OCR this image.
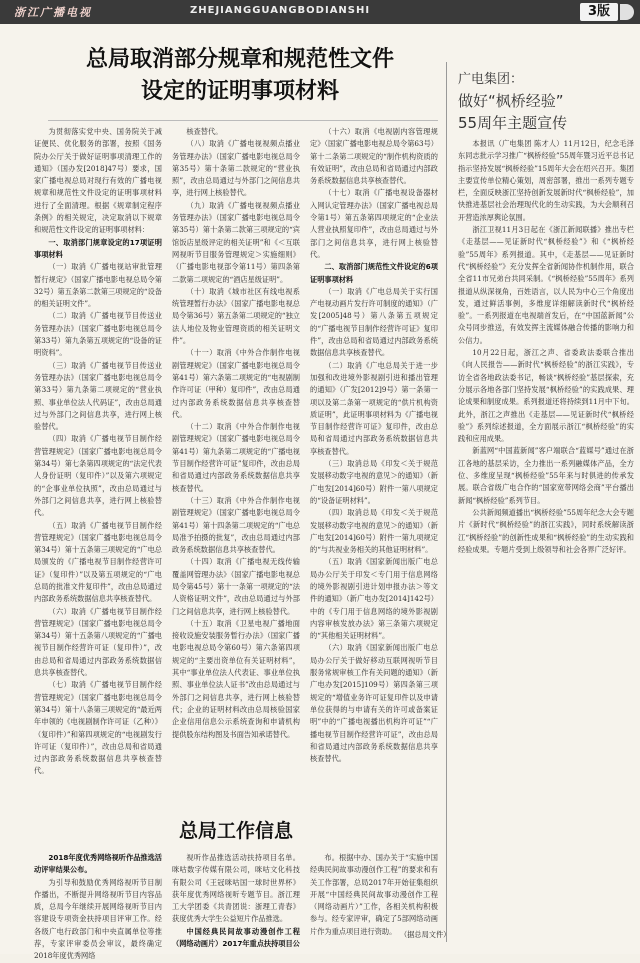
浙江广播电视	ZHEJIANGGUANGBODIANSHI	3版
总局取消部分规章和规范性文件
设定的证明事项材料

为贯彻落实党中央、国务院关于减证便民、优化服务的部署，按照《国务院办公厅关于做好证明事项清理工作的通知》（国办发[2018]47号）要求，国家广播电视总局对现行有效的广播电视规章和规范性文件设定的证明事项材料进行了全面清理。根据《规章制定程序条例》的相关规定，决定取消以下规章和规范性文件设定的证明事项材料：

一、取消部门规章设定的17项证明事项材料

（一）取消《广播电视站审批管理暂行规定》（国家广播电影电视总局令第32号）第五条第二款第三项规定的“设备的相关证明文件”。

（二）取消《广播电视节目传送业务管理办法》（国家广播电影电视总局令第33号）第九条第五项规定的“设备的证明资料”。

（三）取消《广播电视节目传送业务管理办法》（国家广播电影电视总局令第33号）第九条第二项规定的“营业执照、事业单位法人代码证”，改由总局通过与外部门之间信息共享，进行网上核验替代。

（四）取消《广播电视节目制作经营管理规定》（国家广播电影电视总局令第34号）第七条第四项规定的“法定代表人身份证明（复印件）”以及第六项规定的“企事业单位执照”，改由总局通过与外部门之间信息共享，进行网上核验替代。

（五）取消《广播电视节目制作经营管理规定》（国家广播电影电视总局令第34号）第十五条第三项规定的“广电总局颁发的《广播电视节目制作经营许可证》（复印件）”以及第五项规定的“广电总局的批准文件复印件”，改由总局通过内部政务系统数据信息共享核查替代。

（六）取消《广播电视节目制作经营管理规定》（国家广播电影电视总局令第34号）第十五条第八项规定的“广播电视节目制作经营许可证（复印件）”，改由总局和省局通过内部政务系统数据信息共享核查替代。

（七）取消《广播电视节目制作经营管理规定》（国家广播电影电视总局令第34号）第十八条第三项规定的“最近两年申领的《电视剧制作许可证（乙种）》（复印件）”和第四项规定的“电视剧发行许可证（复印件）”，改由总局和省局通过内部政务系统数据信息共享核查替代。

核查替代。

（八）取消《广播电视视频点播业务管理办法》（国家广播电影电视总局令第35号）第十条第二款规定的“营业执照”，改由总局通过与外部门之间信息共享，进行网上核验替代。

（九）取消《广播电视视频点播业务管理办法》（国家广播电影电视总局令第35号）第十条第二款第三项规定的“宾馆饭店星级评定的相关证明”和《＜互联网视听节目服务管理规定＞实施细则》（广播电影电视部令第11号）第四条第二款第二项规定的“酒店星级证明”。

（十）取消《城市社区有线电视系统管理暂行办法》（国家广播电影电视总局令第36号）第五条第二项规定的“独立法人地位及物业管理资质的相关证明文件”。

（十一）取消《中外合作制作电视剧管理规定》（国家广播电影电视总局令第41号）第六条第二项规定的“电视剧制作许可证（甲种）复印件”，改由总局通过内部政务系统数据信息共享核查替代。

（十二）取消《中外合作制作电视剧管理规定》（国家广播电影电视总局令第41号）第九条第二项规定的“广播电视节目制作经营许可证”复印件，改由总局和省局通过内部政务系统数据信息共享核查替代。

（十三）取消《中外合作制作电视剧管理规定》（国家广播电影电视总局令第41号）第十四条第二项规定的“广电总局准予拍摄的批复”，改由总局通过内部政务系统数据信息共享核查替代。

（十四）取消《广播电视无线传输覆盖网管理办法》（国家广播电影电视总局令第45号）第十一条第一项规定的“法人资格证明文件”，改由总局通过与外部门之间信息共享，进行网上核验替代。

（十五）取消《卫星电视广播地面接收设施安装服务暂行办法》（国家广播电影电视总局令第60号）第六条第四项规定的“主要出资单位有关证明材料”，其中“事业单位法人代表证、事业单位执照、事业单位法人证书”改由总局通过与外部门之间信息共享，进行网上核验替代；企业的证明材料改由总局核验国家企业信用信息公示系统查询和申请机构提供股东结构图及书面告知承诺替代。

（十六）取消《电视剧内容管理规定》（国家广播电影电视总局令第63号）第十二条第二项规定的“制作机构资质的有效证明”，改由总局和省局通过内部政务系统数据信息共享核查替代。

（十七）取消《广播电视设备器材入网认定管理办法》（国家广播电视总局令第1号）第五条第四项规定的“企业法人营业执照复印件”，改由总局通过与外部门之间信息共享，进行网上核验替代。

二、取消部门规范性文件设定的6项证明事项材料

（一）取消《广电总局关于实行国产电视动画片发行许可制度的通知》（广发[2005]48号）第八条第五项规定的“广播电视节目制作经营许可证》复印件”，改由总局和省局通过内部政务系统数据信息共享核查替代。

（二）取消《广电总局关于进一步加强和改进境外影视剧引进和播出管理的通知》（广发[2012]9号）第一条第一项以及第二条第一项规定的“供片机构资质证明”，此证明事项材料为《广播电视节目制作经营许可证》复印件，改由总局和省局通过内部政务系统数据信息共享核查替代。

（三）取消总局《印发＜关于规范发展移动数字电视的意见＞的通知》（新广电发[2014]60号）附件一第八项规定的“设备证明材料”。

（四）取消总局《印发＜关于规范发展移动数字电视的意见＞的通知》（新广电发[2014]60号）附件一第九项规定的“与共视业务相关的其他证明材料”。

（五）取消《国家新闻出版广电总局办公厅关于印发＜专门用于信息网络的境外影视剧引进计划申报办法＞等文件的通知》（新广电办发[2014]142号）中的《专门用于信息网络的境外影视剧内容审核发放办法》第三条第六项规定的“其他相关证明材料”。

（六）取消《国家新闻出版广电总局办公厅关于做好移动互联网视听节目服务常规审核工作有关问题的通知》（新广电办发[2015]109号）第四条第三项规定的“增值业务许可证复印件以及申请单位获得的与申请有关的许可或备案证明”中的“广播电视播出机构许可证”“广播电视节目制作经营许可证”，改由总局和省局通过内部政务系统数据信息共享核查替代。

广电集团：
做好“枫桥经验”
55周年主题宣传

本报讯（广电集团 陈才人）11月12日，纪念毛泽东同志批示学习推广“枫桥经验”55周年暨习近平总书记指示坚持发展“枫桥经验”15周年大会在绍兴召开。集团主要宣传单位精心策划，周密部署，推出一系列专题专栏，全面反映浙江坚持创新发展新时代“枫桥经验”，加快推进基层社会治理现代化的生动实践，为大会顺利召开营造浓厚舆论氛围。

浙江卫视11月3日起在《浙江新闻联播》推出专栏《走基层——见证新时代“枫桥经验”》和《“枫桥经验”55周年》系列报道。其中，《走基层——见证新时代“枫桥经验”》充分发挥全省新闻协作机制作用，联合全省11市兄弟台共同采制。《“枫桥经验”55周年》系列报道从纵深视角，百姓语言，以人民为中心三个角度出发，通过鲜活事例，多维度详细解读新时代“枫桥经验”。一系列报道在电视端首发后，在“中国蓝新闻”公众号同步推送，有效发挥主流媒体融合传播的影响力和公信力。

10月22日起，浙江之声、省委政法委联合推出《向人民报告——新时代“枫桥经验”的浙江实践》，专访全省各地政法委书记，畅谈“枫桥经验”基层探索，充分展示各地各部门坚持发展“枫桥经验”的实践成果、理论成果和制度成果。系列报道还将持续到11月中下旬。此外，浙江之声推出《走基层——见证新时代“枫桥经验”》系列综述报道，全方面展示浙江“枫桥经验”的实践和应用成果。

新蓝网“中国蓝新闻”客户端联合“蓝媒号”通过在浙江各地的基层采访，全力推出一系列融媒体产品，全方位、多维度呈现“枫桥经验”55年来与时俱进的传承发展。联合省级广电合作的“国家宽带网络会商”平台播出新闻“枫桥经验”系列节目。

公共新闻频道播出“枫桥经验”55周年纪念大会专题片《新时代“枫桥经验”的浙江实践》，同时系统解读浙江“枫桥经验”的创新性成果和“枫桥经验”的生动实践和经验成果。专题片受到上级领导和社会各界广泛好评。

总局工作信息

2018年度优秀网络视听作品推选活动评审结果公布。

为引导和鼓励优秀网络视听节目制作播出，不断提升网络视听节目内容品质，总局今年继续开展网络视听节目内容建设专项资金扶持项目评审工作。经各级广电行政部门和中央直属单位等推荐，专家评审委员会审议，最终确定2018年度优秀网络

视听作品推选活动扶持项目名单。咪咕数字传媒有限公司，咪咕文化科技有限公司《王冠咪咕国一球时世界杯》获年度优秀网络视听专题节目。浙江理工大学团委《共青团说：浙理工青春》获度优秀大学生公益短片作品推选。

中国经典民间故事动漫创作工程（网络动画片）2017年重点扶持项目公

布。根据中办、国办关于“实施中国经典民间故事动漫创作工程”的要求和有关工作部署，总局2017年开始征集组织开展“中国经典民间故事动漫创作工程（网络动画片）”工作，各相关机构积极参与。经专家评审，确定了5部网络动画片作为重点项目进行资助。 （据总局文件）
